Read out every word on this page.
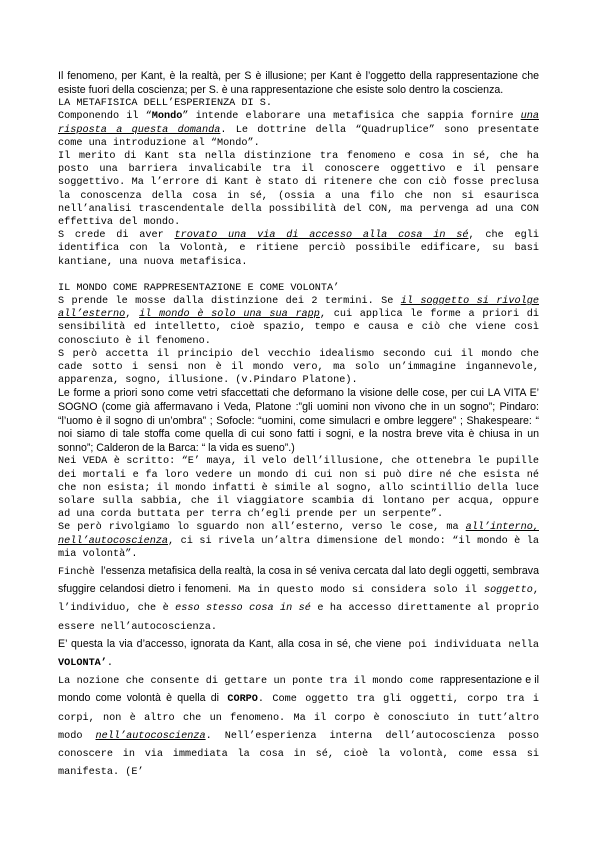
Il fenomeno, per Kant, è la realtà, per S è illusione; per Kant è l’oggetto della rappresentazione che esiste fuori della coscienza; per S. è una rappresentazione che esiste solo dentro la coscienza.

LA METAFISICA DELL’ESPERIENZA DI S.

Componendo il “Mondo” intende elaborare una metafisica che sappia fornire una risposta a questa domanda. Le dottrine della “Quadruplice” sono presentate come una introduzione al “Mondo”.

Il merito di Kant sta nella distinzione tra fenomeno e cosa in sé, che ha posto una barriera invalicabile tra il conoscere oggettivo e il pensare soggettivo. Ma l’errore di Kant è stato di ritenere che con ciò fosse preclusa la conoscenza della cosa in sé, (ossia a una filo che non si esaurisca nell’analisi trascendentale della possibilità del CON, ma pervenga ad una CON effettiva del mondo.

S crede di aver trovato una via di accesso alla cosa in sé, che egli identifica con la Volontà, e ritiene perciò possibile edificare, su basi kantiane, una nuova metafisica.

IL MONDO COME RAPPRESENTAZIONE E COME VOLONTA’

S prende le mosse dalla distinzione dei 2 termini. Se il soggetto si rivolge all’esterno, il mondo è solo una sua rapp, cui applica le forme a priori di sensibilità ed intelletto, cioè spazio, tempo e causa e ciò che viene così conosciuto è il fenomeno.

S però accetta il principio del vecchio idealismo secondo cui il mondo che cade sotto i sensi non è il mondo vero, ma solo un’immagine ingannevole, apparenza, sogno, illusione. (v.Pindaro Platone).

Le forme a priori sono come vetri sfaccettati che deformano la visione delle cose, per cui LA VITA E’ SOGNO (come già affermavano i Veda, Platone :”gli uomini non vivono che in un sogno”; Pindaro: “l’uomo è il sogno di un’ombra” ; Sofocle: “uomini, come simulacri e ombre leggere” ; Shakespeare: “ noi siamo di tale stoffa come quella di cui sono fatti i sogni, e la nostra breve vita è chiusa in un sonno”; Calderon de la Barca: “ la vida es sueno”.)

Nei VEDA è scritto: “E’ maya, il velo dell’illusione, che ottenebra le pupille dei mortali e fa loro vedere un mondo di cui non si può dire né che esista né che non esista; il mondo infatti è simile al sogno, allo scintillio della luce solare sulla sabbia, che il viaggiatore scambia di lontano per acqua, oppure ad una corda buttata per terra ch’egli prende per un serpente”.

Se però rivolgiamo lo sguardo non all’esterno, verso le cose, ma all’interno, nell’autocoscienza, ci si rivela un’altra dimensione del mondo: “il mondo è la mia volontà”.

Finchè l’essenza metafisica della realtà, la cosa in sé veniva cercata dal lato degli oggetti, sembrava sfuggire celandosi dietro i fenomeni. Ma in questo modo si considera solo il soggetto, l’individuo, che è esso stesso cosa in sé e ha accesso direttamente al proprio essere nell’autocoscienza.

E’ questa la via d’accesso, ignorata da Kant, alla cosa in sé, che viene poi individuata nella VOLONTA’.

La nozione che consente di gettare un ponte tra il mondo come rappresentazione e il mondo come volontà è quella di CORPO. Come oggetto tra gli oggetti, corpo tra i corpi, non è altro che un fenomeno. Ma il corpo è conosciuto in tutt’altro modo nell’autocoscienza. Nell’esperienza interna dell’autocoscienza posso conoscere in via immediata la cosa in sé, cioè la volontà, come essa si manifesta. (E’
